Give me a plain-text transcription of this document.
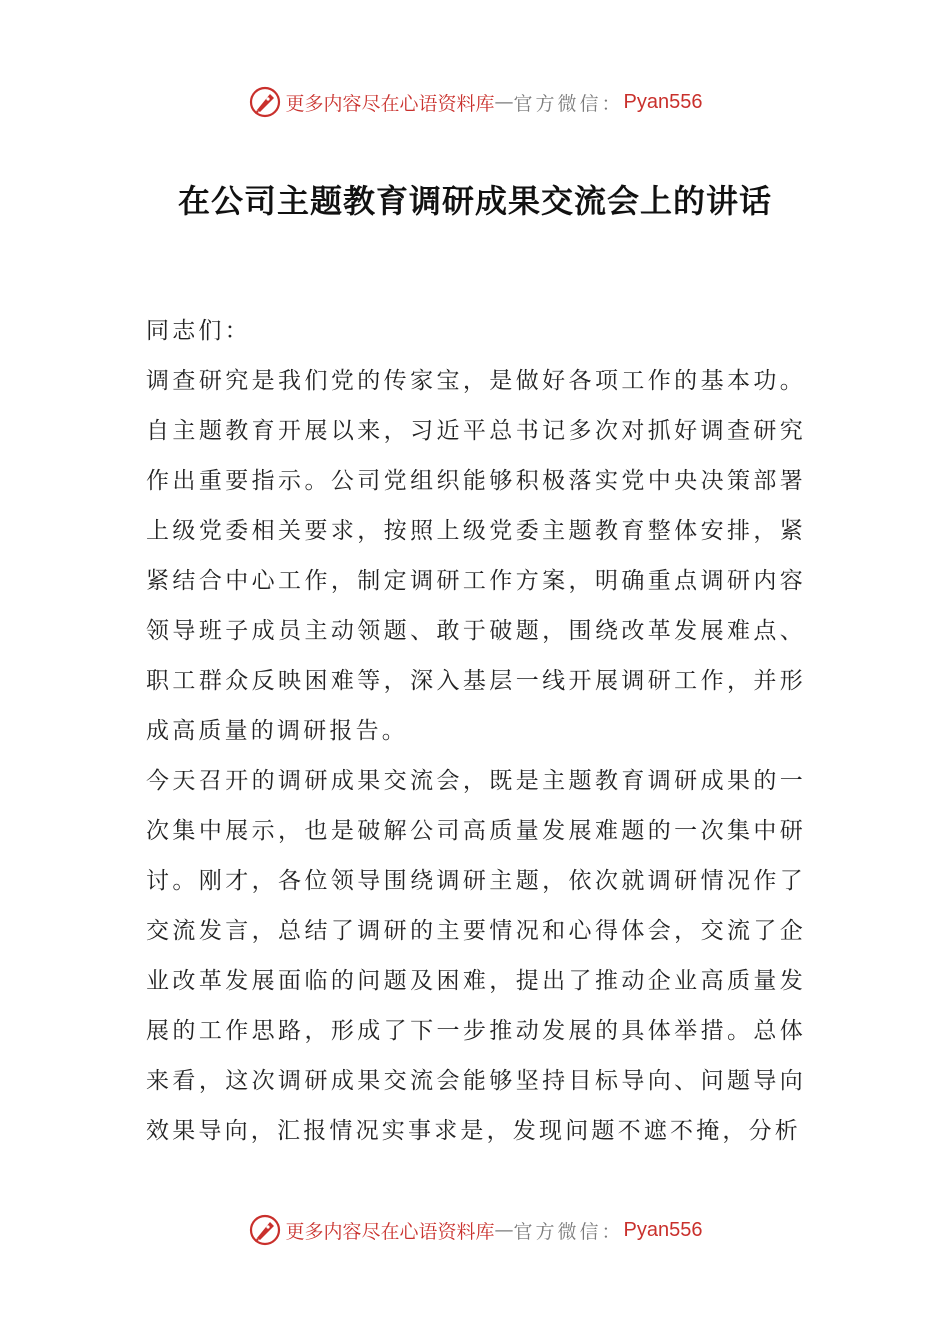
更多内容尽在心语资料库 — 官方微信： Pyan556
在公司主题教育调研成果交流会上的讲话

同志们：

调查研究是我们党的传家宝，是做好各项工作的基本功。自主题教育开展以来，习近平总书记多次对抓好调查研究作出重要指示。公司党组织能够积极落实党中央决策部署上级党委相关要求，按照上级党委主题教育整体安排，紧紧结合中心工作，制定调研工作方案，明确重点调研内容领导班子成员主动领题、敢于破题，围绕改革发展难点、职工群众反映困难等，深入基层一线开展调研工作，并形成高质量的调研报告。

今天召开的调研成果交流会，既是主题教育调研成果的一次集中展示，也是破解公司高质量发展难题的一次集中研讨。刚才，各位领导围绕调研主题，依次就调研情况作了交流发言，总结了调研的主要情况和心得体会，交流了企业改革发展面临的问题及困难，提出了推动企业高质量发展的工作思路，形成了下一步推动发展的具体举措。总体来看，这次调研成果交流会能够坚持目标导向、问题导向效果导向，汇报情况实事求是，发现问题不遮不掩，分析

更多内容尽在心语资料库 — 官方微信： Pyan556
